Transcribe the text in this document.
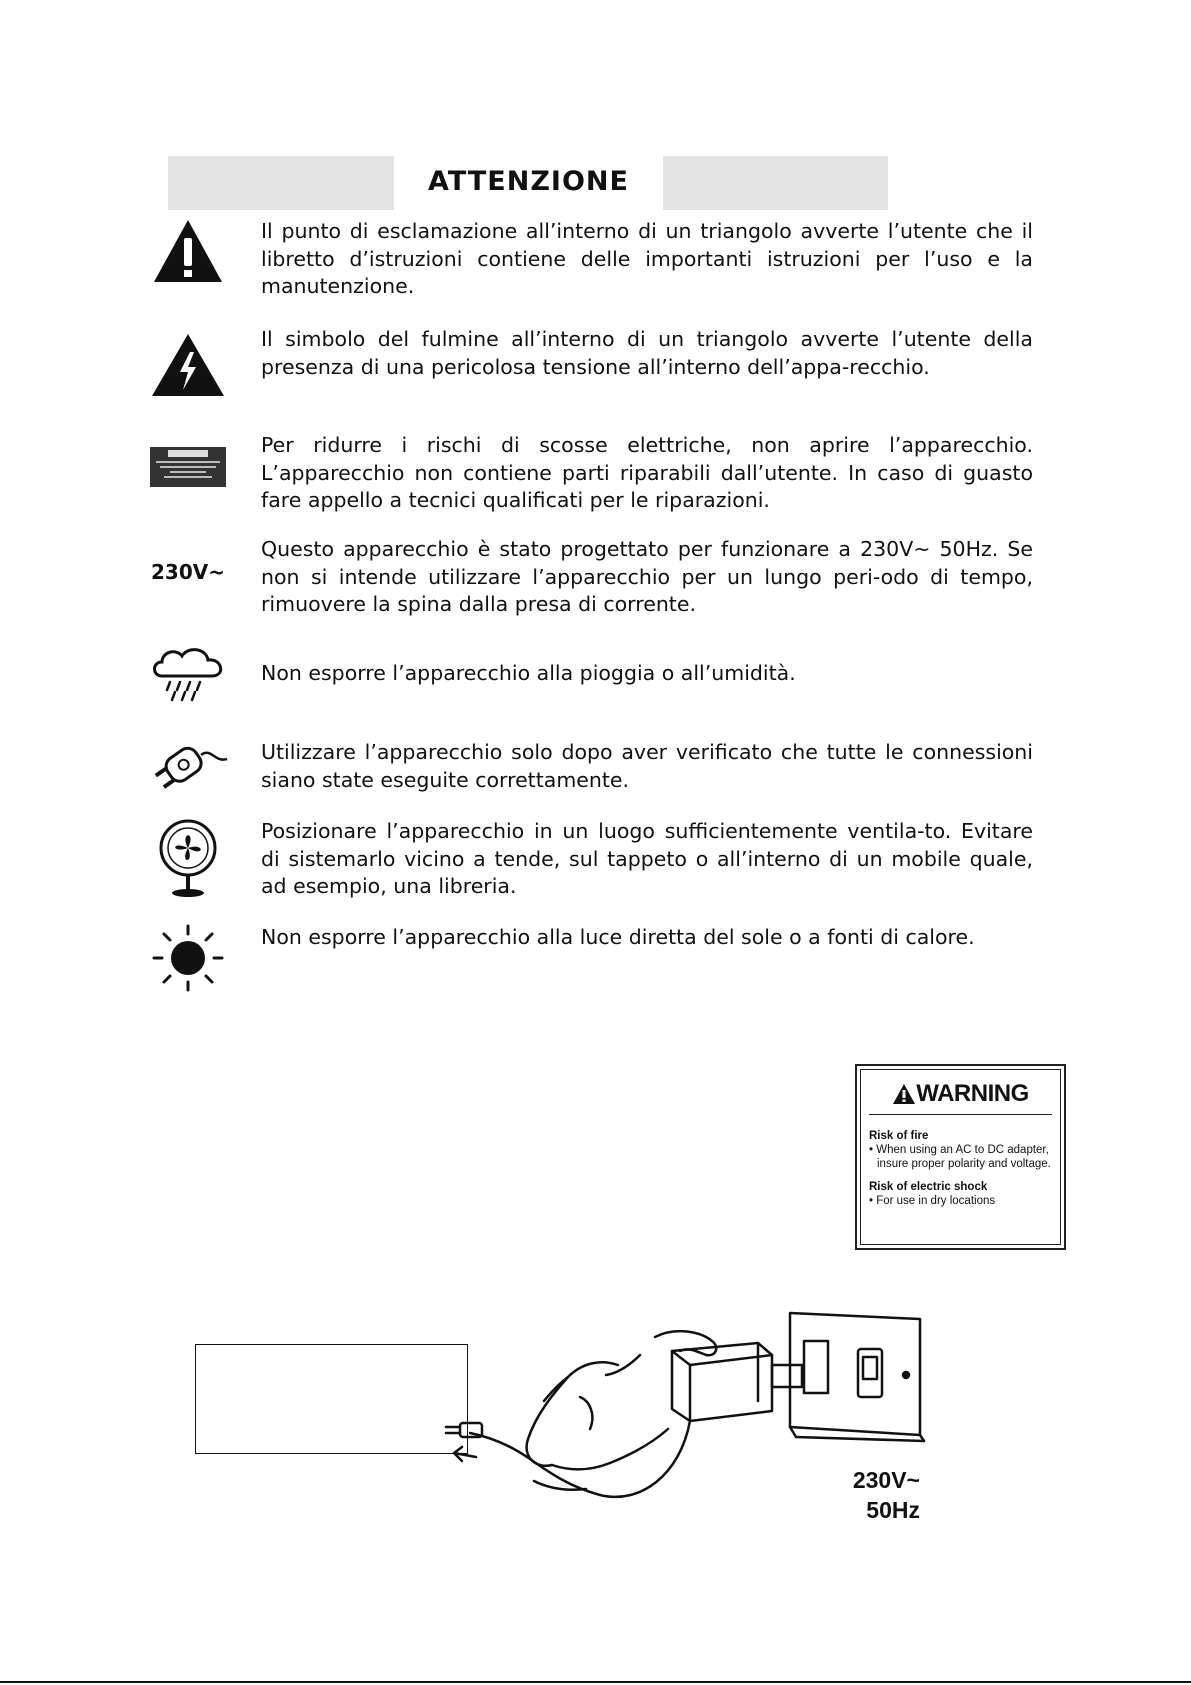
ATTENZIONE
Il punto di esclamazione all’interno di un triangolo avverte l’utente che il libretto d’istruzioni contiene delle importanti istruzioni per l’uso e la manutenzione.
Il simbolo del fulmine all’interno di un triangolo avverte l’utente della presenza di una pericolosa tensione all’interno dell’appa-recchio.
Per ridurre i rischi di scosse elettriche, non aprire l’apparecchio. L’apparecchio non contiene parti riparabili dall’utente. In caso di guasto fare appello a tecnici qualificati per le riparazioni.
230V~
Questo apparecchio è stato progettato per funzionare a 230V~ 50Hz. Se non si intende utilizzare l’apparecchio per un lungo peri-odo di tempo, rimuovere la spina dalla presa di corrente.
Non esporre l’apparecchio alla pioggia o all’umidità.
Utilizzare l’apparecchio solo dopo aver verificato che tutte le connessioni siano state eseguite correttamente.
Posizionare l’apparecchio in un luogo sufficientemente ventila-to. Evitare di sistemarlo vicino a tende, sul tappeto o all’interno di un mobile quale, ad esempio, una libreria.
Non esporre l’apparecchio alla luce diretta del sole o a fonti di calore.
WARNING
Risk of fire
• When using an AC to DC adapter,
insure proper polarity and voltage.
Risk of electric shock
• For use in dry locations
230V~
50Hz
